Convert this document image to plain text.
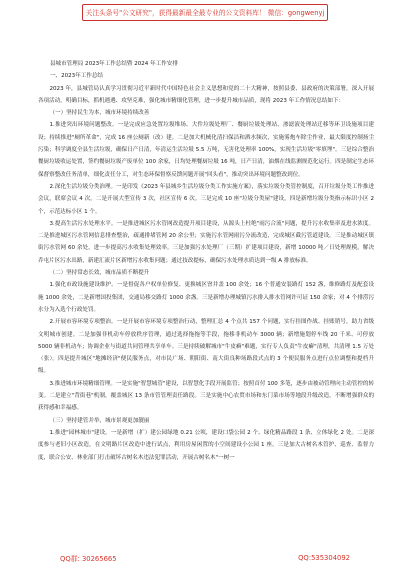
关注头条号"公文研究"，获得最新最全最专业的公文资料库！ 微信：gongwenyj

县城市管理局 2023年工作总结暨 2024 年工作安排

一、2023年工作总结

2023 年，县城管局认真学习贯彻习近平新时代中国特色社会主义思想和党的二十大精神，按照县委、县政府的决策部署，深入开展各项活动，明确目标，抓机遇遇、攻坚克难，强化城市精细化管理，进一步提升城市品质，现将 2023 年工作情况总结如下：

（一）坚持民生为本，城市环境持续改善

1.推进突出环境问题整改。一是完成应急处置垃圾堆场、大件垃圾处理厂、餐厨垃圾处理站、渗滤液处理站迁移等环卫设施项目建设；持续推进"厕所革命"，完成 16 座公厕新（改）建。二是加大机械化清扫保洁和洒水频次，实施雾炮车除尘作业，最大限度控制扬尘污染；科学调度全县生活垃圾，确保日产日清，年清运生活垃圾 5.5 万吨，无害化处理率 100%，实现生活垃圾"零填埋"。三是综合整治餐厨垃圾收运处置，签约餐厨垃圾产废单位 100 余家，日均处理餐厨垃圾 16 吨，日产日清，油烟在线监测规范化运行。四是制定生态环保督察整改任务清单，细化责任分工，对生态环保督察反馈问题开展"回头看"，推动突出环境问题整改到位。

2.深化生活垃圾分类治理。一是印发《2023 年县城乡生活垃圾分类工作实施方案》，落实垃圾分类管控制度，召开垃圾分类工作推进会议，联席会议 4 次。二是开展大型宣传 3 次，社区宣传 6 次。三是完成 10 座"垃圾分类屋"建设，四是新增垃圾分类指示标识小区 2 个，示范达标小区 1 个。

3.提高生活污水处理水平。一是推进城区污水管网改造提升项目建设，从源头上杜绝"雨污合流"问题，提升污水收集率及进水浓度。二是推进城区污水管网信息排查整治，疏通排堵管网 20 余公里；实施污水管网雨污分流改造，完成城区截污管道建设。三是推动城区镇街污水管网 60 余处，进一步提高污水收集处理效率。三是加强污水处理厂（三期）扩建项目建设，新增 10000 吨／日处理规模，解决乔屯片区污水出路，新建汇流片区新增污水收集问题；通过技改提标，确保污水处理水质达到一级 A 排放标准。

（二）坚持常态长效，城市品质不断提升

1.强化市政设施建设维护。一是督促各户权单位修复、更换城区窨井盖 100 余处；16 个普通安装路灯 152 盏，维修路灯及配套设施 1000 余处，二是新增国投集团，交通局移交路灯 1000 余盏。三是新增办理城镇污水排入排水管网许可证 150 余家；对 4 个排涝污水分为入选个行政处罚。

2.开展市容环境专项整治。一是开展市容环境专项整治行动，整理汇总 4 个点共 157 个问题，实行挂图作战、挂账销号，助力省级文明城市创建。二是加强非机动车停放秩序管理，通过选择拖拖等手段，拖移非机动车 3000 辆；新增施划停车线 20 千米、可停放 5000 辆非机动车；协调企业与街道共同管理共享单车。三是持续破解城市"牛皮癣"难题，实行专人负责"牛皮癣"清理，共清理 1.5 万处（张）。四是提升城区"地摊经济"便民服务点，对市民广场、朝阳街、南大街良种场路段式点的 3 个便民服务点进行点位调整和提档升级。

3.推进城市环境精细管理。一是实施"智慧城管"建设，以智慧化手段开展监管；按照首付 100 多笔，逐步由被动管理向主动管控的转变。二是建立"背街巷"机制，覆盖城区 13 条市管管理责任路段。三是实施中心农贸市场和东门菜市场等地段升级改造，不断增强群众的获得感和幸福感。

（三）坚持建管并举，城市景观更加靓丽

1.推进"园林城市"建设。一是新增（扩）建公园绿地 0.21 公顷，建设口袋公园 2 个、绿化精品路段 1 条、立体绿化 2 处。二是深度参与老旧小区改造，在文明路片区改造中进行试点，利用房屋闲置的小空间建设小公园 1 座。三是加大古树名木管护、巡查、监督力度，联合公安、林业部门打击破坏古树名木违法犯罪活动，开展古树名木"一树一

QQ群: 30265665	QQ:535304092
